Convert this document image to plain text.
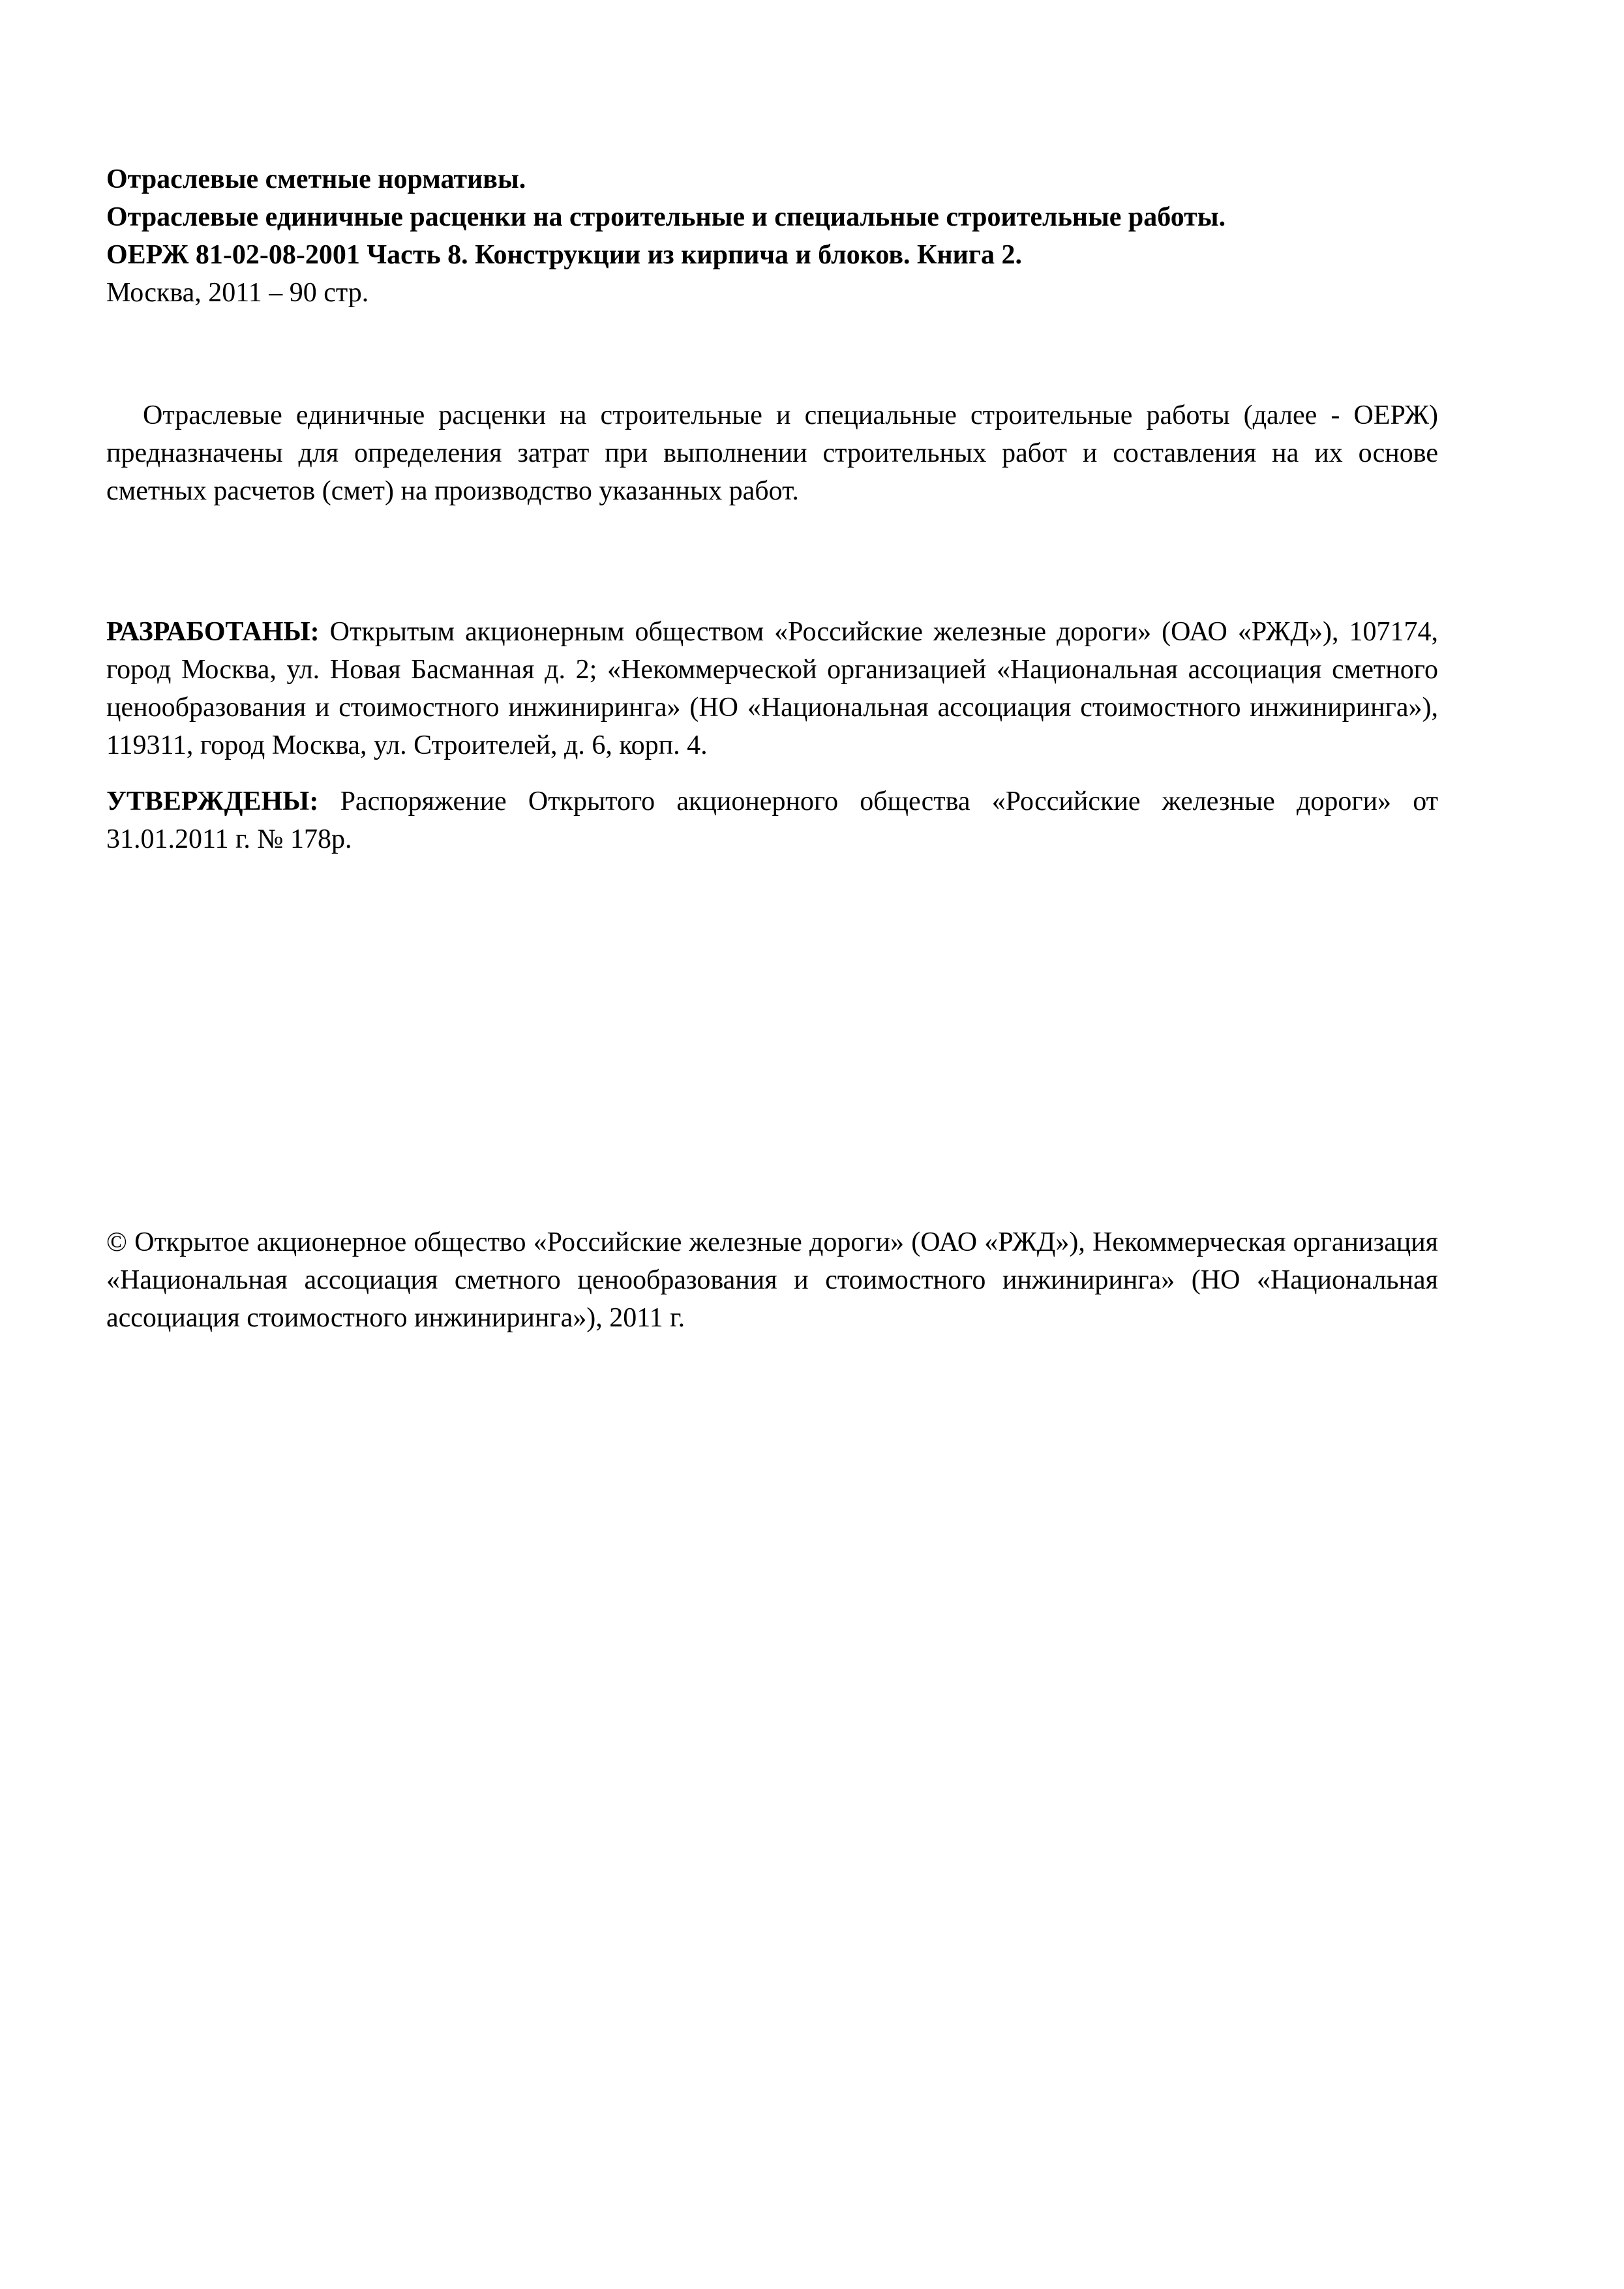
Отраслевые сметные нормативы.
Отраслевые единичные расценки на строительные и специальные строительные работы.
ОЕРЖ 81-02-08-2001 Часть 8. Конструкции из кирпича и блоков. Книга 2.
Москва, 2011 – 90 стр.

Отраслевые единичные расценки на строительные и специальные строительные работы (далее - ОЕРЖ) предназначены для определения затрат при выполнении строительных работ и составления на их основе сметных расчетов (смет) на производство указанных работ.

РАЗРАБОТАНЫ: Открытым акционерным обществом «Российские железные дороги» (ОАО «РЖД»), 107174, город Москва, ул. Новая Басманная д. 2; «Некоммерческой организацией «Национальная ассоциация сметного ценообразования и стоимостного инжиниринга» (НО «Национальная ассоциация стоимостного инжиниринга»), 119311, город Москва, ул. Строителей, д. 6, корп. 4.

УТВЕРЖДЕНЫ: Распоряжение Открытого акционерного общества «Российские железные дороги» от 31.01.2011 г. № 178р.

© Открытое акционерное общество «Российские железные дороги» (ОАО «РЖД»), Некоммерческая организация «Национальная ассоциация сметного ценообразования и стоимостного инжиниринга» (НО «Национальная ассоциация стоимостного инжиниринга»), 2011 г.
